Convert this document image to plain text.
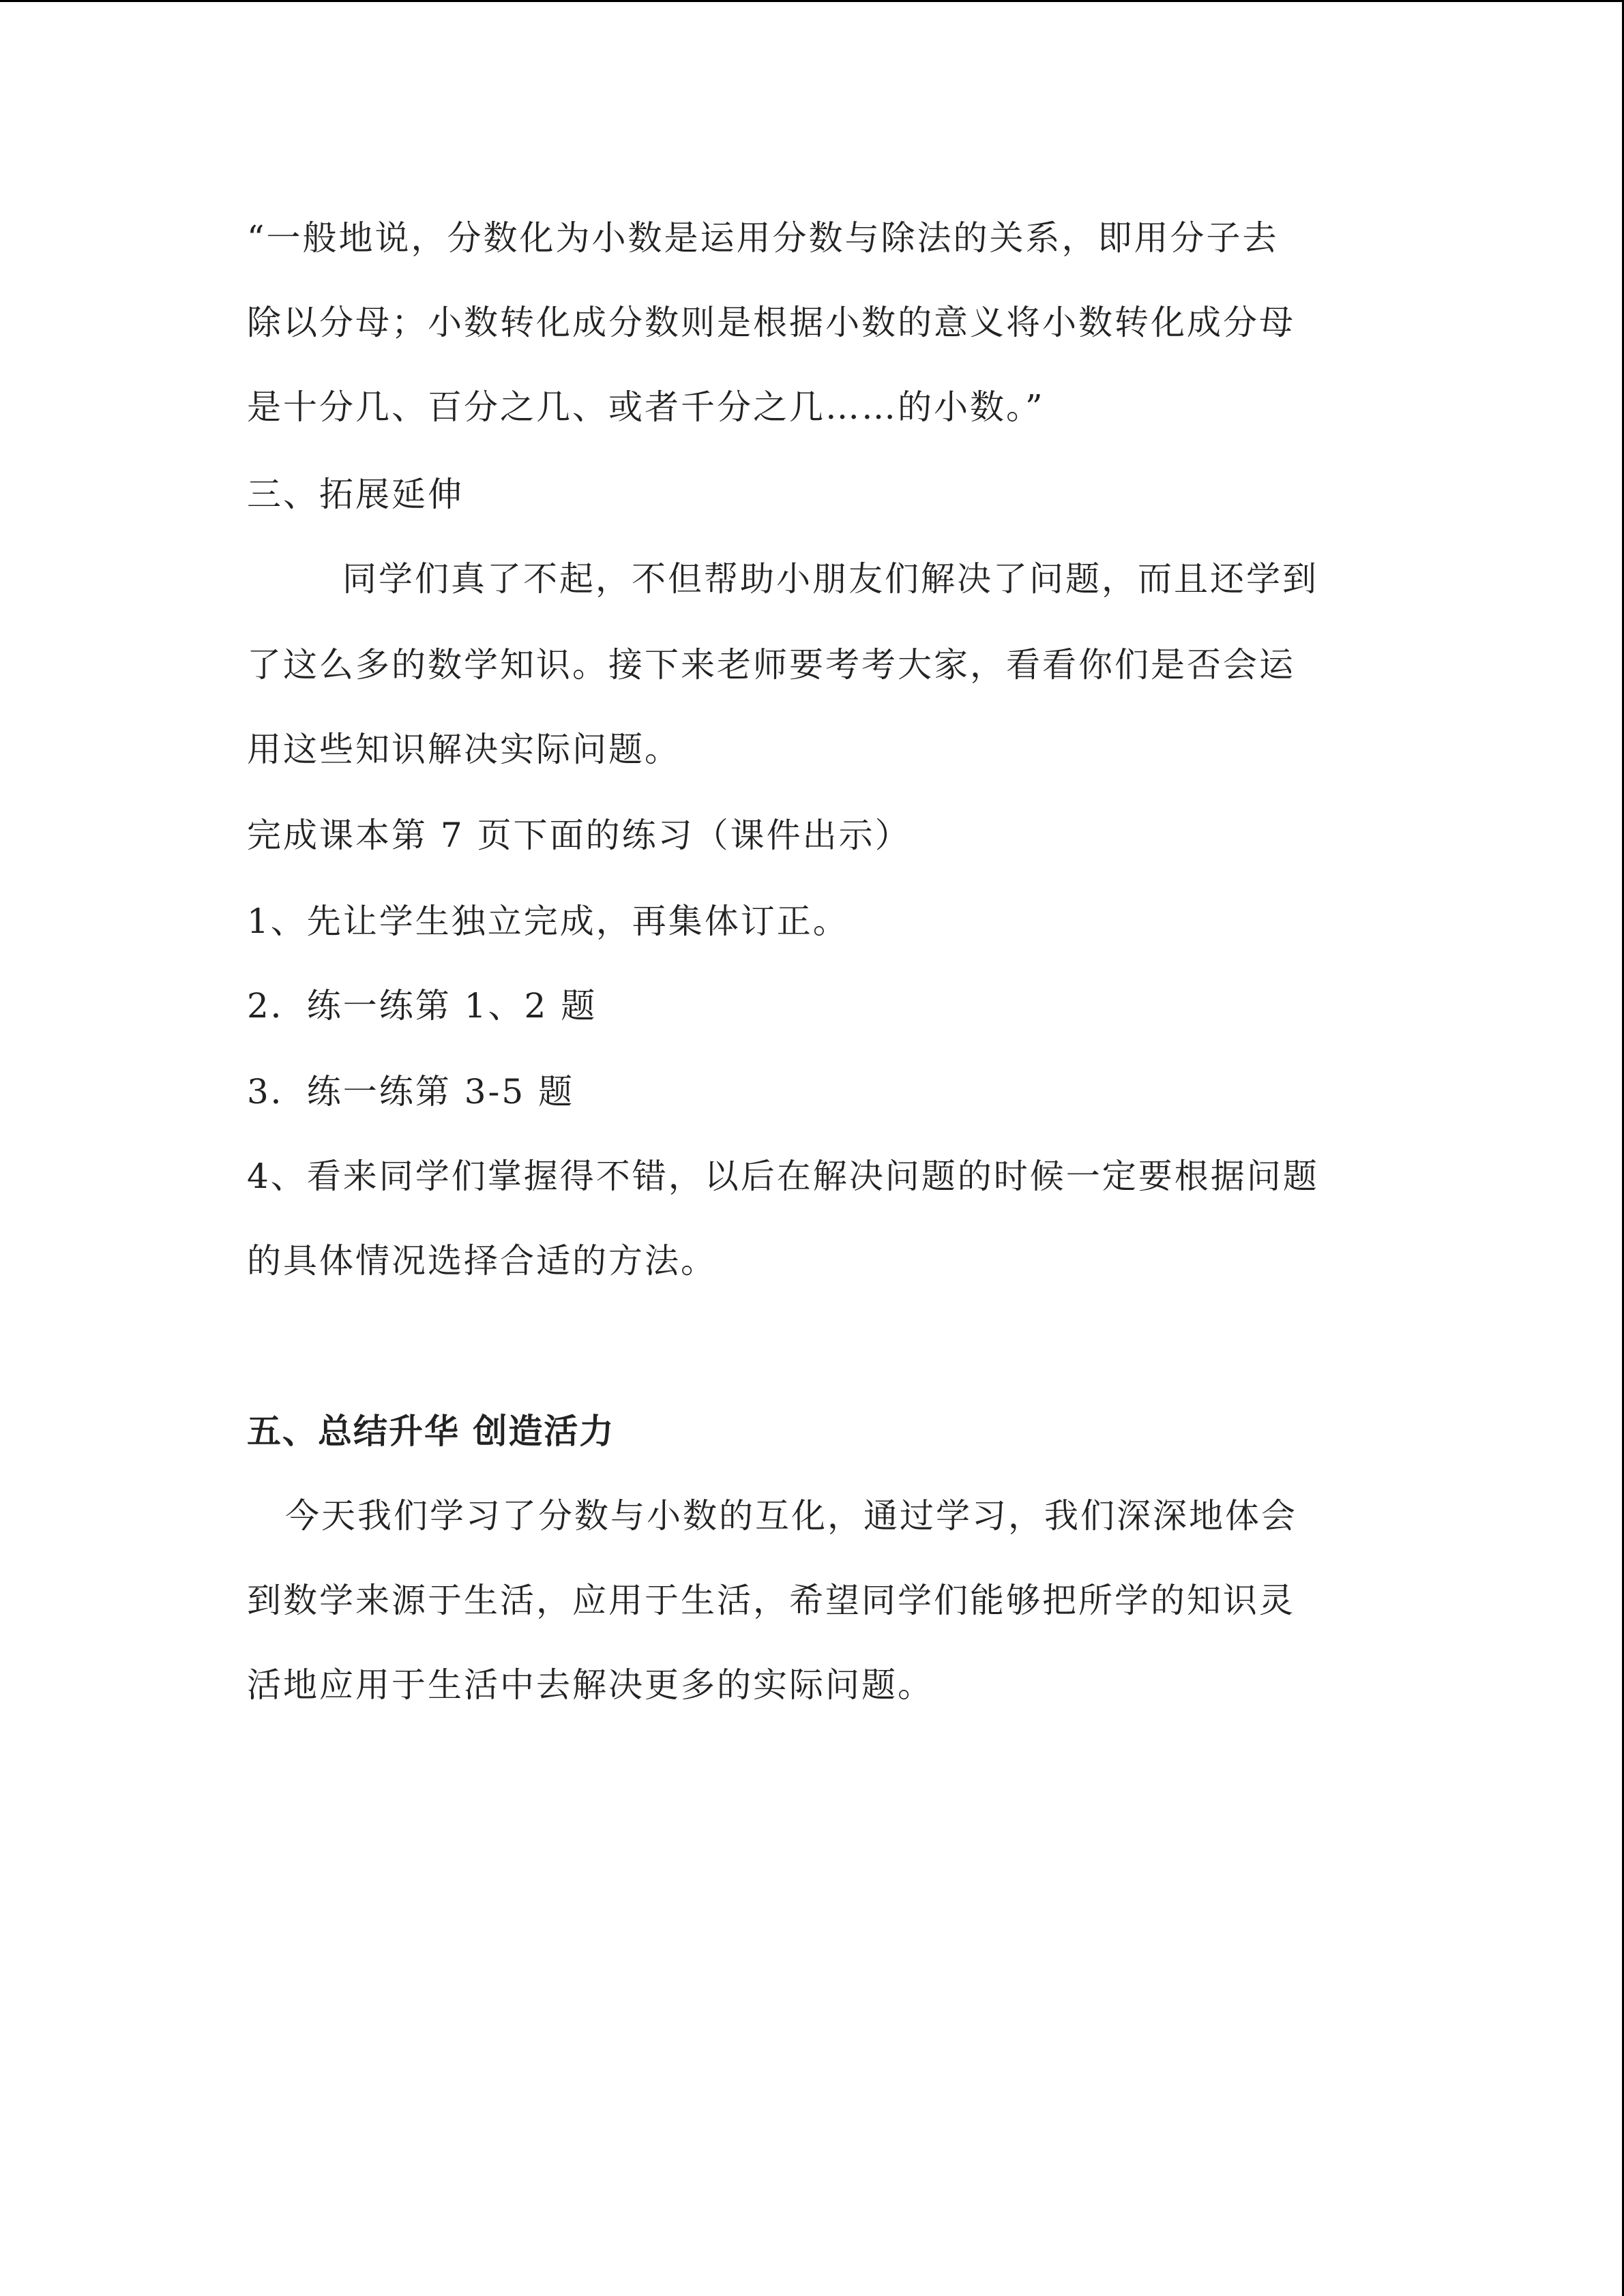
“一般地说，分数化为小数是运用分数与除法的关系，即用分子去

除以分母；小数转化成分数则是根据小数的意义将小数转化成分母

是十分几、百分之几、或者千分之几……的小数。”

三、拓展延伸

同学们真了不起，不但帮助小朋友们解决了问题，而且还学到

了这么多的数学知识。接下来老师要考考大家，看看你们是否会运

用这些知识解决实际问题。

完成课本第 7 页下面的练习（课件出示）

1、先让学生独立完成，再集体订正。

2．练一练第 1、2 题

3．练一练第 3-5 题

4、看来同学们掌握得不错，以后在解决问题的时候一定要根据问题

的具体情况选择合适的方法。

五、总结升华 创造活力

今天我们学习了分数与小数的互化，通过学习，我们深深地体会

到数学来源于生活，应用于生活，希望同学们能够把所学的知识灵

活地应用于生活中去解决更多的实际问题。
